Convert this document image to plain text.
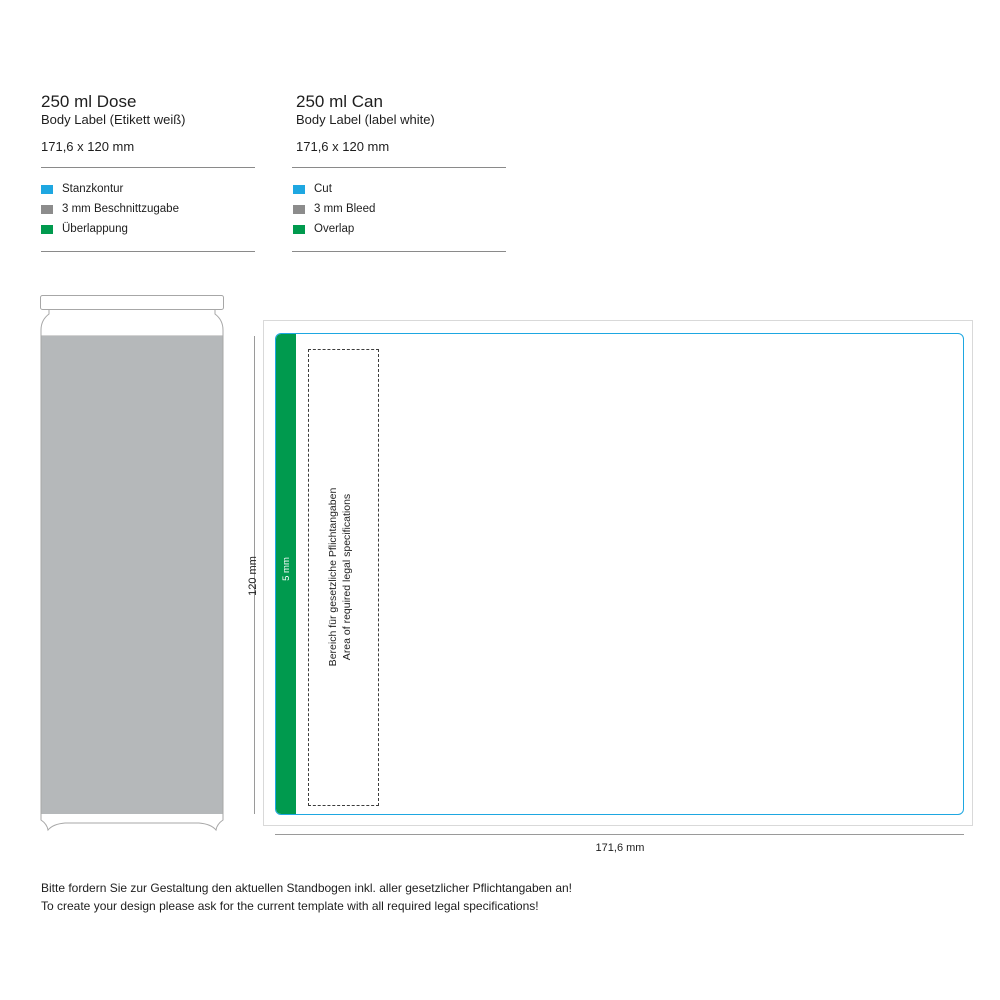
250 ml Dose
Body Label (Etikett weiß)
171,6 x 120 mm
Stanzkontur
3 mm Beschnittzugabe
Überlappung
250 ml Can
Body Label (label white)
171,6 x 120 mm
Cut
3 mm Bleed
Overlap
120 mm	5 mm	Bereich für gesetzliche Pflichtangaben Area of required legal specifications
171,6 mm
Bitte fordern Sie zur Gestaltung den aktuellen Standbogen inkl. aller gesetzlicher Pflichtangaben an!
To create your design please ask for the current template with all required legal specifications!
